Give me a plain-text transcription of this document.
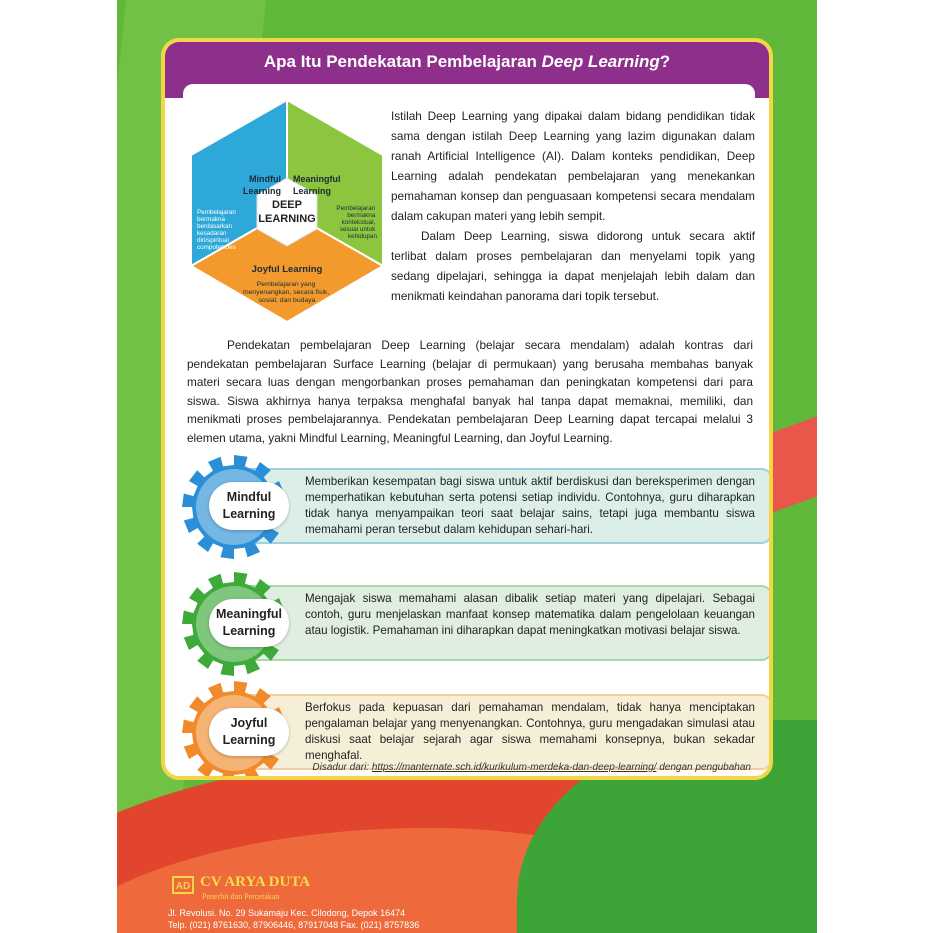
Apa Itu Pendekatan Pembelajaran Deep Learning?
DEEP
LEARNING
Mindful
Learning
Pembelajaran bermakna berdasarkan kesadaran diri/spiritual compotencies
Meaningful
Learning
Pembelajaran bermakna kontekstual, sesuai untuk kehidupan
Joyful Learning
Pembelajaran yang menyenangkan, secara fisik, sosial, dan budaya

Istilah Deep Learning yang dipakai dalam bidang pendidikan tidak sama dengan istilah Deep Learning yang lazim digunakan dalam ranah Artificial Intelligence (AI). Dalam konteks pendidikan, Deep Learning adalah pendekatan pembelajaran yang menekankan pemahaman konsep dan penguasaan kompetensi secara mendalam dalam cakupan materi yang lebih sempit.

Dalam Deep Learning, siswa didorong untuk secara aktif terlibat dalam proses pembelajaran dan menyelami topik yang sedang dipelajari, sehingga ia dapat menjelajah lebih dalam dan menikmati keindahan panorama dari topik tersebut.

Pendekatan pembelajaran Deep Learning (belajar secara mendalam) adalah kontras dari pendekatan pembelajaran Surface Learning (belajar di permukaan) yang berusaha membahas banyak materi secara luas dengan mengorbankan proses pemahaman dan peningkatan kompetensi dari para siswa. Siswa akhirnya hanya terpaksa menghafal banyak hal tanpa dapat memaknai, memiliki, dan menikmati proses pembelajarannya. Pendekatan pembelajaran Deep Learning dapat tercapai melalui 3 elemen utama, yakni Mindful Learning, Meaningful Learning, dan Joyful Learning.
Mindful Learning
Memberikan kesempatan bagi siswa untuk aktif berdiskusi dan bereksperimen dengan memperhatikan kebutuhan serta potensi setiap individu. Contohnya, guru diharapkan tidak hanya menyampaikan teori saat belajar sains, tetapi juga membantu siswa memahami peran tersebut dalam kehidupan sehari-hari.
Meaningful Learning
Mengajak siswa memahami alasan dibalik setiap materi yang dipelajari. Sebagai contoh, guru menjelaskan manfaat konsep matematika dalam pengelolaan keuangan atau logistik. Pemahaman ini diharapkan dapat meningkatkan motivasi belajar siswa.
Joyful Learning
Berfokus pada kepuasan dari pemahaman mendalam, tidak hanya menciptakan pengalaman belajar yang menyenangkan. Contohnya, guru mengadakan simulasi atau diskusi saat belajar sejarah agar siswa memahami konsepnya, bukan sekadar menghafal.
Disadur dari: https://manternate.sch.id/kurikulum-merdeka-dan-deep-learning/ dengan pengubahan
AD CV ARYA DUTA
Penerbit dan Percetakan
Jl. Revolusi. No. 29 Sukamaju Kec. Cilodong, Depok 16474
Telp. (021) 8761630, 87906446, 87917048 Fax. (021) 8757836
